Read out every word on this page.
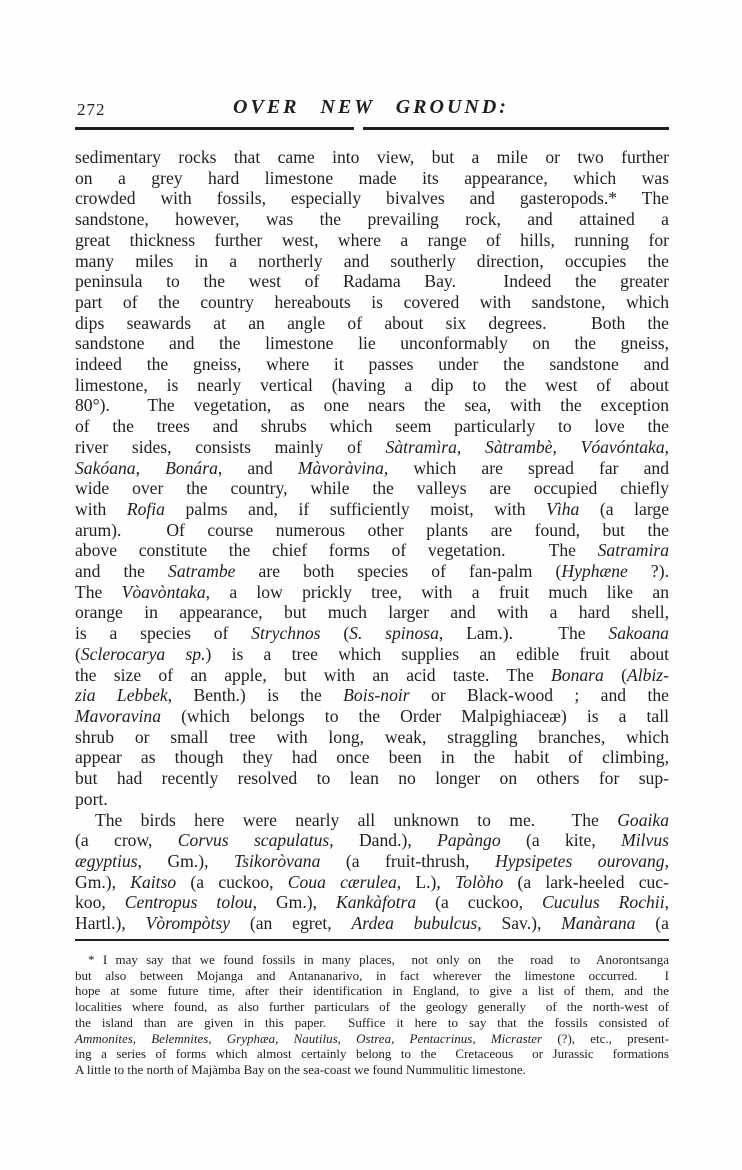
272	OVER NEW GROUND:
sedimentary rocks that came into view, but a mile or two further
on a grey hard limestone made its appearance, which was
crowded with fossils, especially bivalves and gasteropods.* The
sandstone, however, was the prevailing rock, and attained a
great thickness further west, where a range of hills, running for
many miles in a northerly and southerly direction, occupies the
peninsula to the west of Radama Bay.  Indeed the greater
part of the country hereabouts is covered with sandstone, which
dips seawards at an angle of about six degrees.  Both the
sandstone and the limestone lie unconformably on the gneiss,
indeed the gneiss, where it passes under the sandstone and
limestone, is nearly vertical (having a dip to the west of about
80°).  The vegetation, as one nears the sea, with the exception
of the trees and shrubs which seem particularly to love the
river sides, consists mainly of Sàtramìra, Sàtrambè, Vóavóntaka,
Sakóana, Bonára, and Màvoràvina, which are spread far and
wide over the country, while the valleys are occupied chiefly
with Rofia palms and, if sufficiently moist, with Vìha (a large
arum).  Of course numerous other plants are found, but the
above constitute the chief forms of vegetation.  The Satramira
and the Satrambe are both species of fan-palm (Hyphæne ?).
The Vòavòntaka, a low prickly tree, with a fruit much like an
orange in appearance, but much larger and with a hard shell,
is a species of Strychnos (S. spinosa, Lam.).  The Sakoana
(Sclerocarya sp.) is a tree which supplies an edible fruit about
the size of an apple, but with an acid taste. The Bonara (Albiz-
zia Lebbek, Benth.) is the Bois-noir or Black-wood ; and the
Mavoravina (which belongs to the Order Malpighiaceæ) is a tall
shrub or small tree with long, weak, straggling branches, which
appear as though they had once been in the habit of climbing,
but had recently resolved to lean no longer on others for sup-
port.
The birds here were nearly all unknown to me.  The Goaika
(a crow, Corvus scapulatus, Dand.), Papàngo (a kite, Milvus
ægyptius, Gm.), Tsikoròvana (a fruit-thrush, Hypsipetes ourovang,
Gm.), Kaitso (a cuckoo, Coua cærulea, L.), Tolòho (a lark-heeled cuc-
koo, Centropus tolou, Gm.), Kankàfotra (a cuckoo, Cuculus Rochii,
Hartl.), Vòrompòtsy (an egret, Ardea bubulcus, Sav.), Manàrana (a
* I may say that we found fossils in many places,  not only on  the  road  to  Anorontsanga
but also between Mojanga and Antananarivo, in fact wherever the limestone occurred.  I
hope at some future time, after their identification in England, to give a list of them, and the
localities where found, as also further particulars of the geology generally  of the north-west of
the island than are given in this paper.  Suffice it here to say that the fossils consisted of
Ammonites, Belemnites, Gryphæa, Nautilus, Ostrea, Pentacrinus, Micraster (?), etc., present-
ing a series of forms which almost certainly belong to the  Cretaceous  or Jurassic  formations
A little to the north of Majàmba Bay on the sea-coast we found Nummulitic limestone.
